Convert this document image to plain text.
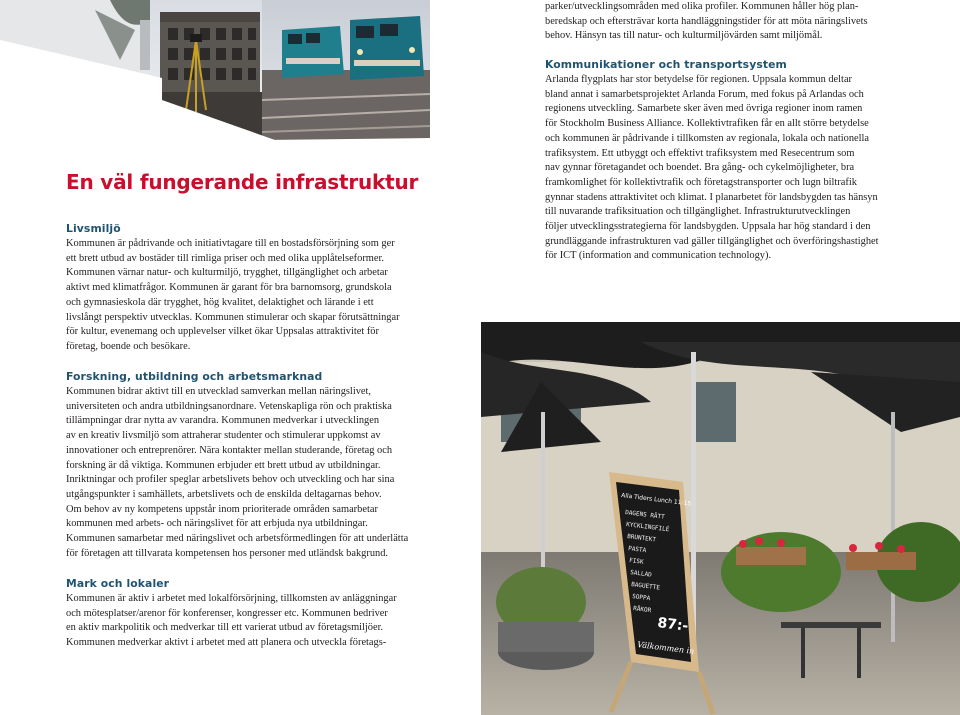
En väl fungerande infrastruktur
Livsmiljö

Kommunen är pådrivande och initiativtagare till en bostadsförsörjning som ger

ett brett utbud av bostäder till rimliga priser och med olika upplåtelseformer.

Kommunen värnar natur- och kulturmiljö, trygghet, tillgänglighet och arbetar

aktivt med klimatfrågor. Kommunen är garant för bra barnomsorg, grundskola

och gymnasieskola där trygghet, hög kvalitet, delaktighet och lärande i ett

livslångt perspektiv utvecklas. Kommunen stimulerar och skapar förutsättningar

för kultur, evenemang och upplevelser vilket ökar Uppsalas attraktivitet för

företag, boende och besökare.

Forskning, utbildning och arbetsmarknad

Kommunen bidrar aktivt till en utvecklad samverkan mellan näringslivet,

universiteten och andra utbildningsanordnare. Vetenskapliga rön och praktiska

tillämpningar drar nytta av varandra. Kommunen medverkar i utvecklingen

av en kreativ livsmiljö som attraherar studenter och stimulerar uppkomst av

innovationer och entreprenörer. Nära kontakter mellan studerande, företag och

forskning är då viktiga. Kommunen erbjuder ett brett utbud av utbildningar.

Inriktningar och profiler speglar arbetslivets behov och utveckling och har sina

utgångspunkter i samhällets, arbetslivets och de enskilda deltagarnas behov.

Om behov av ny kompetens uppstår inom prioriterade områden samarbetar

kommunen med arbets- och näringslivet för att erbjuda nya utbildningar.

Kommunen samarbetar med näringslivet och arbetsförmedlingen för att underlätta

för företagen att tillvarata kompetensen hos personer med utländsk bakgrund.

Mark och lokaler

Kommunen är aktiv i arbetet med lokalförsörjning, tillkomsten av anläggningar

och mötesplatser/arenor för konferenser, kongresser etc. Kommunen bedriver

en aktiv markpolitik och medverkar till ett varierat utbud av företagsmiljöer.

Kommunen medverkar aktivt i arbetet med att planera och utveckla företags-

parker/utvecklingsområden med olika profiler. Kommunen håller hög plan-

beredskap och eftersträvar korta handläggningstider för att möta näringslivets

behov. Hänsyn tas till natur- och kulturmiljövärden samt miljömål.

Kommunikationer och transportsystem

Arlanda flygplats har stor betydelse för regionen. Uppsala kommun deltar

bland annat i samarbetsprojektet Arlanda Forum, med fokus på Arlandas och

regionens utveckling. Samarbete sker även med övriga regioner inom ramen

för Stockholm Business Alliance. Kollektivtrafiken får en allt större betydelse

och kommunen är pådrivande i tillkomsten av regionala, lokala och nationella

trafiksystem. Ett utbyggt och effektivt trafiksystem med Resecentrum som

nav gynnar företagandet och boendet. Bra gång- och cykelmöjligheter, bra

framkomlighet för kollektivtrafik och företagstransporter och lugn biltrafik

gynnar stadens attraktivitet och klimat. I planarbetet för landsbygden tas hänsyn

till nuvarande trafiksituation och tillgänglighet. Infrastrukturutvecklingen

följer utvecklingsstrategierna för landsbygden. Uppsala har hög standard i den

grundläggande infrastrukturen vad gäller tillgänglighet och överföringshastighet

för ICT (information and communication technology).

Alla Tiders Lunch 11-15
DAGENS RÄTT
KYCKLINGFILÉ
BRUNTEKT
PASTA
FISK
SALLAD
BAGUETTE
SOPPA
RÅKOR
87:-
Välkommen in
